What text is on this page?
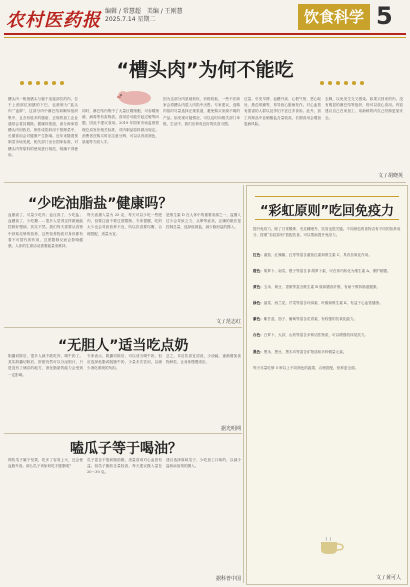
农村医药报 编辑 / 常慧超　美编 / 王刚慧
2025.7.14 星期二	饮食科学 5
“槽头肉”为何不能吃
槽头肉一般指猪头与躯干连接部位的肉，位于上颈部位到猪的下巴，也被称为“蓝头肉”“血脖”，这部分肉中淋巴结和腺体组织集中，且含有较多的脂肪，正规的加工企业通常会将其剔除。据媒体报道，部分商家将槽头肉回收后，制作成馅料用于预制菜中，长期食用会对健康产生影响。近年来随着预制菜市场发展，相关部门出台国家标准，对槽头肉等原料的使用进行规范，明确不得使用。
同时，淋巴结内集中了大量巨噬细胞，可吞噬细菌、病毒等有害物质。食用后可能引起过敏等问题，因此不建议食用。2019 年国家市场监督管理总局发布相关标准，对肉制品原料做出规定。消费者在购买时应注意分辨，可以从肉质颜色、质地等方面入手。
因为这部分肉质地松软，价格较低，一些不法商家会将槽头肉混入肉馅中出售。专家建议，选购肉馅时尽量选择正规渠道，避免购买来源不明的产品。如发现可疑情况，可以及时向相关部门举报。生活中，我们应养成良好的饮食习惯。
过量，引发早搏、血糖升高、心慌气短、恶心呕吐、焦虑烦躁等，易导致心脏病发作。对心血管有损害的人群以及孕妇不宜过多食用。此外，加工肉制品中亚硝酸盐含量较高，长期食用会增加患病风险。
去腺，以免发生交叉感染。如果买回来的肉，没有明显的淋巴结等组织，则可以放心食用。肉馅建议自己在家加工，用新鲜的肉自己绞制更加安全。
文 / 胡晓英
“少吃油脂盐”健康吗？
血脂高了，尽量少吃肉；血压高了，少吃盐；血糖高了，少吃糖……很多人觉得这样做就能控制好慢病，其实不然。我们每天需要从食物中获取足够的营养，这些营养物质对身体都有着不可替代的作用，过度限制反而会影响健康。人体的生命活动需要能量来维持。
每天油摄入量为 25 克，每天可以少吃一些肥肉，但要注意不要过度限制。专家提醒，吃的太少也会导致营养不良，所以饮食要均衡，合理搭配，适量为宜。
是维生素 D 在人体中的重要来源之一，盐摄入过少会导致乏力、头晕等症状。正确的做法是控制总量，选择低钠盐，减少隐形盐的摄入。
文 / 范志红
“无胆人”适当吃点奶
胆囊切除后，很多人就不敢吃肉、喝牛奶了。其实胆囊切除后，肝脏仍然可以分泌胆汁，只是没有了储存的地方，消化脂肪的能力会受到一定影响。
专家表示，胆囊切除后，可以适当喝牛奶，但应选择低脂或脱脂牛奶，少量多次饮用，以减少消化系统的负担。
总之，术后饮食宜清淡，少油腻，逐渐增加食物种类，让身体慢慢适应。
据光明网
嗑瓜子等于喝油？
网传瓜子属于坚果，吃多了容易上火，还会使血脂升高。那么瓜子该如何吃才健康呢？
瓜子富含不饱和脂肪酸，适量食用对心血管有益。但瓜子脂肪含量较高，每天建议摄入量在 20～30 克。
建议选择原味瓜子，少吃加工口味的，以减少盐和添加剂的摄入。
据科普中国
“彩虹原则”吃回免疫力
提升免疫力，除了日常锻炼、充足睡眠外，饮食也很关键。不同颜色的食物含有不同的营养成分，按照“彩虹原则”搭配饮食，可以帮助提升免疫力。
红色：番茄、红辣椒、红枣等富含番茄红素和维生素 C，具有抗氧化作用。
橙色：胡萝卜、南瓜、橙子等富含 β-胡萝卜素，可在体内转化为维生素 A，保护黏膜。
黄色：玉米、黄豆、香蕉等富含维生素 B 族和膳食纤维，有助于维持肠道健康。
绿色：菠菜、西兰花、芹菜等富含叶绿素、叶酸和维生素 K，有益于心血管健康。
紫色：紫甘蓝、茄子、葡萄等富含花青素，有较强的抗氧化能力。
白色：白萝卜、大蒜、山药等富含多种活性物质，可以增强机体抵抗力。
黑色：黑米、黑豆、黑木耳等富含矿物质和多种微量元素。
每天尽量吃够 5 种以上不同颜色的蔬果，合理搭配，营养更全面。
文 / 黄可人
